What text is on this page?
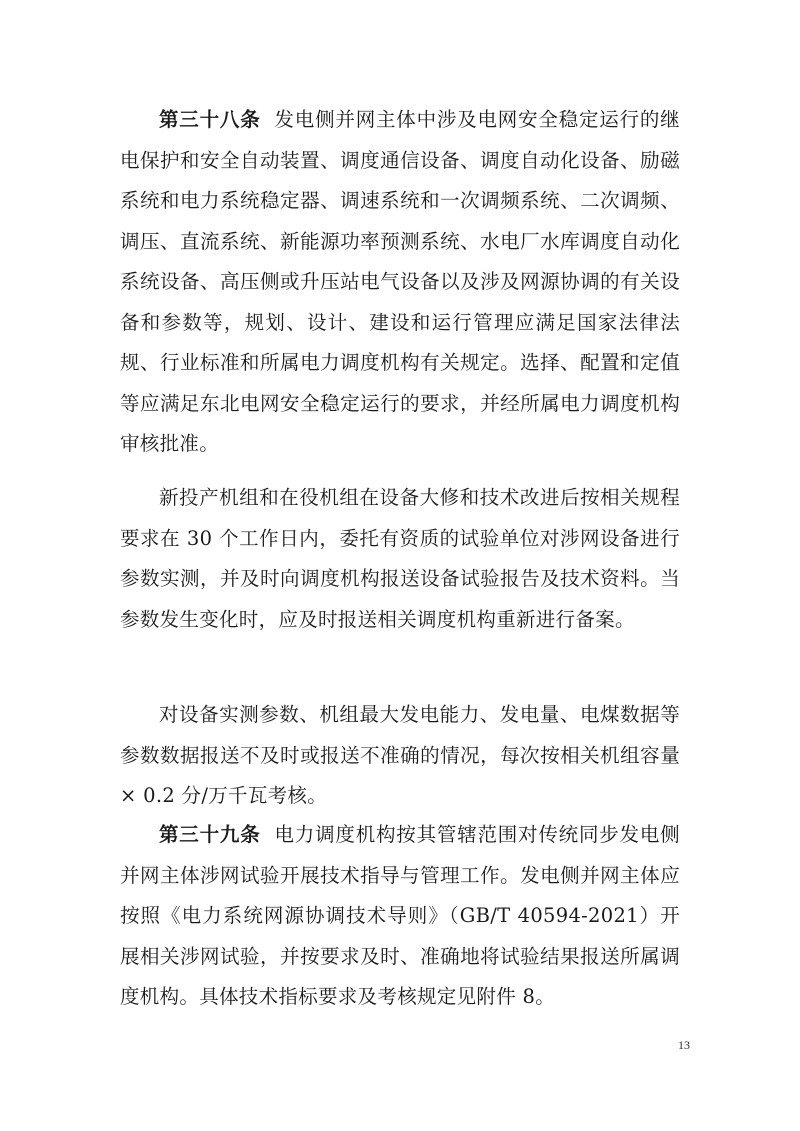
第三十八条 发电侧并网主体中涉及电网安全稳定运行的继电保护和安全自动装置、调度通信设备、调度自动化设备、励磁系统和电力系统稳定器、调速系统和一次调频系统、二次调频、调压、直流系统、新能源功率预测系统、水电厂水库调度自动化系统设备、高压侧或升压站电气设备以及涉及网源协调的有关设备和参数等，规划、设计、建设和运行管理应满足国家法律法规、行业标准和所属电力调度机构有关规定。选择、配置和定值等应满足东北电网安全稳定运行的要求，并经所属电力调度机构审核批准。

新投产机组和在役机组在设备大修和技术改进后按相关规程要求在 30 个工作日内，委托有资质的试验单位对涉网设备进行参数实测，并及时向调度机构报送设备试验报告及技术资料。当参数发生变化时，应及时报送相关调度机构重新进行备案。

对设备实测参数、机组最大发电能力、发电量、电煤数据等参数数据报送不及时或报送不准确的情况，每次按相关机组容量 × 0.2 分/万千瓦考核。

第三十九条 电力调度机构按其管辖范围对传统同步发电侧并网主体涉网试验开展技术指导与管理工作。发电侧并网主体应按照《电力系统网源协调技术导则》（GB/T 40594-2021）开展相关涉网试验，并按要求及时、准确地将试验结果报送所属调度机构。具体技术指标要求及考核规定见附件 8。

13
